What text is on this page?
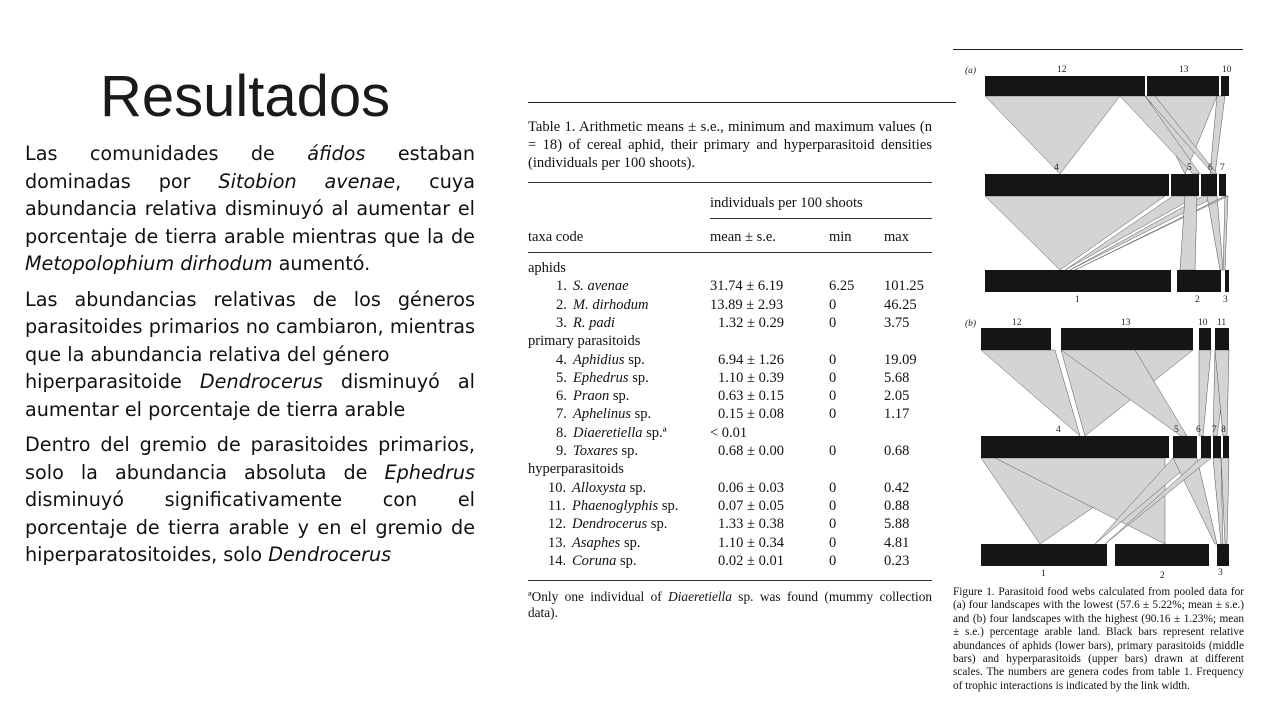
Resultados

Las comunidades de áfidos estaban dominadas por Sitobion avenae, cuya abundancia relativa disminuyó al aumentar el porcentaje de tierra arable mientras que la de Metopolophium dirhodum aumentó.

Las abundancias relativas de los géneros parasitoides primarios no cambiaron, mientras que la abundancia relativa del género

hiperparasitoide Dendrocerus disminuyó al aumentar el porcentaje de tierra arable

Dentro del gremio de parasitoides primarios, solo la abundancia absoluta de Ephedrus disminuyó significativamente con el porcentaje de tierra arable y en el gremio de hiperparatositoides, solo Dendrocerus

Table 1. Arithmetic means ± s.e., minimum and maximum values (n = 18) of cereal aphid, their primary and hyperparasitoid densities (individuals per 100 shoots).
individuals per 100 shoots
taxa code	mean ± s.e.	min max
aphids
1. S. avenae	31.74 ± 6.19	6.25 101.25
2. M. dirhodum	13.89 ± 2.93	0	46.25
3. R. padi	1.32 ± 0.29	0	3.75
primary parasitoids
4. Aphidius sp.	6.94 ± 1.26	0	19.09
5. Ephedrus sp.	1.10 ± 0.39	0	5.68
6. Praon sp.	0.63 ± 0.15	0	2.05
7. Aphelinus sp.	0.15 ± 0.08	0	1.17
8. Diaeretiella sp.ª	< 0.01
9. Toxares sp.	0.68 ± 0.00	0	0.68
hyperparasitoids
10. Alloxysta sp.	0.06 ± 0.03	0	0.42
11. Phaenoglyphis sp.	0.07 ± 0.05	0	0.88
12. Dendrocerus sp.	1.33 ± 0.38	0	5.88
13. Asaphes sp.	1.10 ± 0.34	0	4.81
14. Coruna sp.	0.02 ± 0.01	0	0.23
ªOnly one individual of Diaeretiella sp. was found (mummy collection data).
(a)	12	13	10
4	5 6 7
1	2 3
(b)	12	13	10 11
4	5 6 7 8
1	2	3
Figure 1. Parasitoid food webs calculated from pooled data for (a) four landscapes with the lowest (57.6 ± 5.22%; mean ± s.e.) and (b) four landscapes with the highest (90.16 ± 1.23%; mean ± s.e.) percentage arable land. Black bars represent relative abundances of aphids (lower bars), primary parasitoids (middle bars) and hyperparasitoids (upper bars) drawn at different scales. The numbers are genera codes from table 1. Frequency of trophic interactions is indicated by the link width.
